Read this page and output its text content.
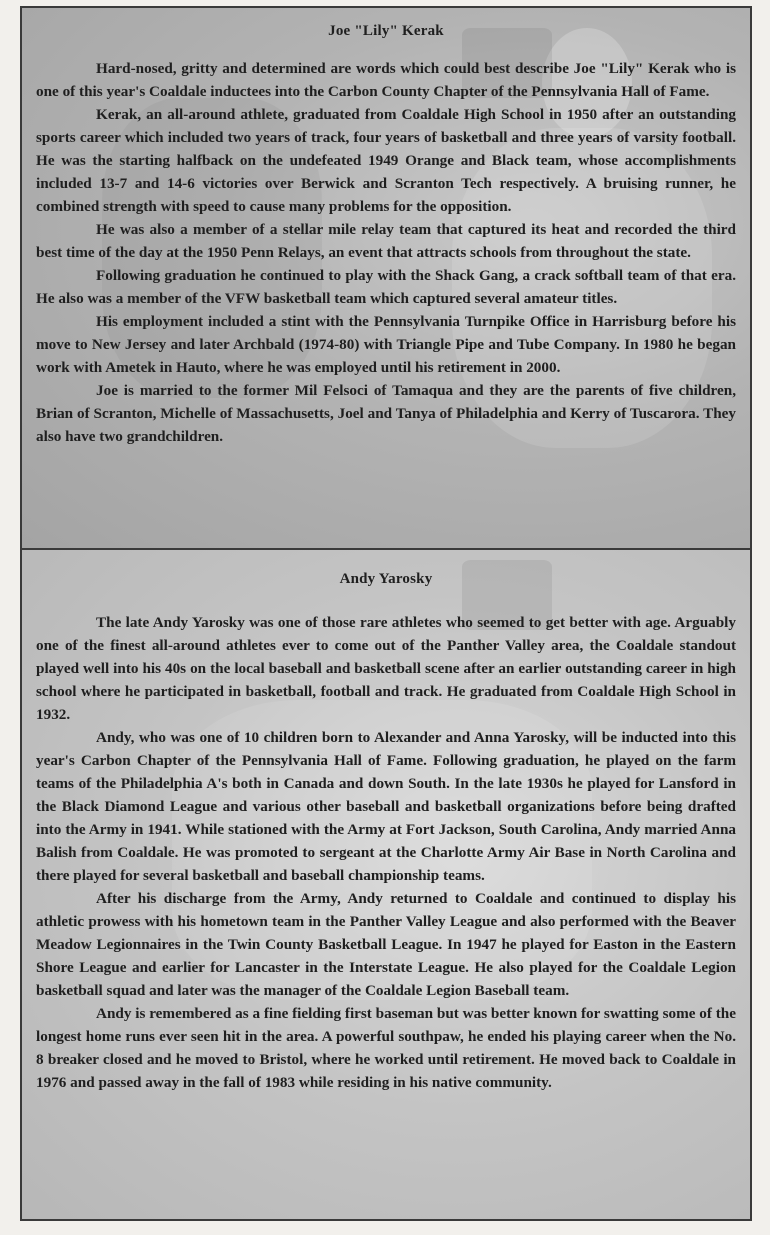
Joe "Lily" Kerak

Hard-nosed, gritty and determined are words which could best describe Joe "Lily" Kerak who is one of this year's Coaldale inductees into the Carbon County Chapter of the Pennsylvania Hall of Fame.

Kerak, an all-around athlete, graduated from Coaldale High School in 1950 after an outstanding sports career which included two years of track, four years of basketball and three years of varsity football. He was the starting halfback on the undefeated 1949 Orange and Black team, whose accomplishments included 13-7 and 14-6 victories over Berwick and Scranton Tech respectively. A bruising runner, he combined strength with speed to cause many problems for the opposition.

He was also a member of a stellar mile relay team that captured its heat and recorded the third best time of the day at the 1950 Penn Relays, an event that attracts schools from throughout the state.

Following graduation he continued to play with the Shack Gang, a crack softball team of that era. He also was a member of the VFW basketball team which captured several amateur titles.

His employment included a stint with the Pennsylvania Turnpike Office in Harrisburg before his move to New Jersey and later Archbald (1974-80) with Triangle Pipe and Tube Company. In 1980 he began work with Ametek in Hauto, where he was employed until his retirement in 2000.

Joe is married to the former Mil Felsoci of Tamaqua and they are the parents of five children, Brian of Scranton, Michelle of Massachusetts, Joel and Tanya of Philadelphia and Kerry of Tuscarora. They also have two grandchildren.

Andy Yarosky

The late Andy Yarosky was one of those rare athletes who seemed to get better with age. Arguably one of the finest all-around athletes ever to come out of the Panther Valley area, the Coaldale standout played well into his 40s on the local baseball and basketball scene after an earlier outstanding career in high school where he participated in basketball, football and track. He graduated from Coaldale High School in 1932.

Andy, who was one of 10 children born to Alexander and Anna Yarosky, will be inducted into this year's Carbon Chapter of the Pennsylvania Hall of Fame. Following graduation, he played on the farm teams of the Philadelphia A's both in Canada and down South. In the late 1930s he played for Lansford in the Black Diamond League and various other baseball and basketball organizations before being drafted into the Army in 1941. While stationed with the Army at Fort Jackson, South Carolina, Andy married Anna Balish from Coaldale. He was promoted to sergeant at the Charlotte Army Air Base in North Carolina and there played for several basketball and baseball championship teams.

After his discharge from the Army, Andy returned to Coaldale and continued to display his athletic prowess with his hometown team in the Panther Valley League and also performed with the Beaver Meadow Legionnaires in the Twin County Basketball League. In 1947 he played for Easton in the Eastern Shore League and earlier for Lancaster in the Interstate League. He also played for the Coaldale Legion basketball squad and later was the manager of the Coaldale Legion Baseball team.

Andy is remembered as a fine fielding first baseman but was better known for swatting some of the longest home runs ever seen hit in the area. A powerful southpaw, he ended his playing career when the No. 8 breaker closed and he moved to Bristol, where he worked until retirement. He moved back to Coaldale in 1976 and passed away in the fall of 1983 while residing in his native community.
